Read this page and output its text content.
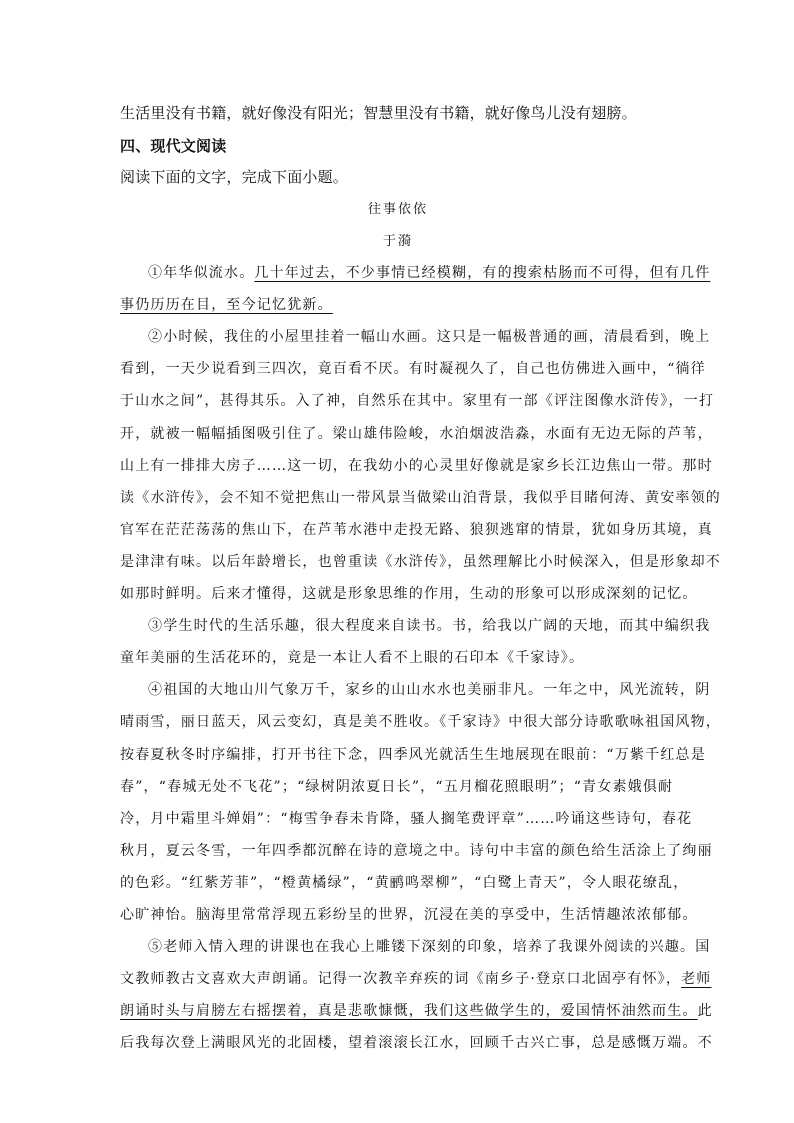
生活里没有书籍，就好像没有阳光；智慧里没有书籍，就好像鸟儿没有翅膀。
四、现代文阅读
阅读下面的文字，完成下面小题。
往事依依
于漪
①年华似流水。几十年过去，不少事情已经模糊，有的搜索枯肠而不可得，但有几件
事仍历历在目，至今记忆犹新。
②小时候，我住的小屋里挂着一幅山水画。这只是一幅极普通的画，清晨看到，晚上
看到，一天少说看到三四次，竟百看不厌。有时凝视久了，自己也仿佛进入画中，“徜徉
于山水之间”，甚得其乐。入了神，自然乐在其中。家里有一部《评注图像水浒传》，一打
开，就被一幅幅插图吸引住了。梁山雄伟险峻，水泊烟波浩淼，水面有无边无际的芦苇，
山上有一排排大房子……这一切，在我幼小的心灵里好像就是家乡长江边焦山一带。那时
读《水浒传》，会不知不觉把焦山一带风景当做梁山泊背景，我似乎目睹何涛、黄安率领的
官军在茫茫荡荡的焦山下，在芦苇水港中走投无路、狼狈逃窜的情景，犹如身历其境，真
是津津有味。以后年龄增长，也曾重读《水浒传》，虽然理解比小时候深入，但是形象却不
如那时鲜明。后来才懂得，这就是形象思维的作用，生动的形象可以形成深刻的记忆。
③学生时代的生活乐趣，很大程度来自读书。书，给我以广阔的天地，而其中编织我
童年美丽的生活花环的，竟是一本让人看不上眼的石印本《千家诗》。
④祖国的大地山川气象万千，家乡的山山水水也美丽非凡。一年之中，风光流转，阴
晴雨雪，丽日蓝天，风云变幻，真是美不胜收。《千家诗》中很大部分诗歌歌咏祖国风物，
按春夏秋冬时序编排，打开书往下念，四季风光就活生生地展现在眼前：“万紫千红总是
春”，“春城无处不飞花”；“绿树阴浓夏日长”，“五月榴花照眼明”；“青女素娥俱耐
冷，月中霜里斗婵娟”：“梅雪争春未肯降，骚人搁笔费评章”……吟诵这些诗句，春花
秋月，夏云冬雪，一年四季都沉醉在诗的意境之中。诗句中丰富的颜色给生活涂上了绚丽
的色彩。“红紫芳菲”，“橙黄橘绿”，“黄鹂鸣翠柳”，“白鹭上青天”，令人眼花缭乱，
心旷神怡。脑海里常常浮现五彩纷呈的世界，沉浸在美的享受中，生活情趣浓浓郁郁。
⑤老师入情入理的讲课也在我心上雕镂下深刻的印象，培养了我课外阅读的兴趣。国
文教师教古文喜欢大声朗诵。记得一次教辛弃疾的词《南乡子·登京口北固亭有怀》，老师
朗诵时头与肩膀左右摇摆着，真是悲歌慷慨，我们这些做学生的，爱国情怀油然而生。此
后我每次登上满眼风光的北固楼，望着滚滚长江水，回顾千古兴亡事，总是感慨万端。不
